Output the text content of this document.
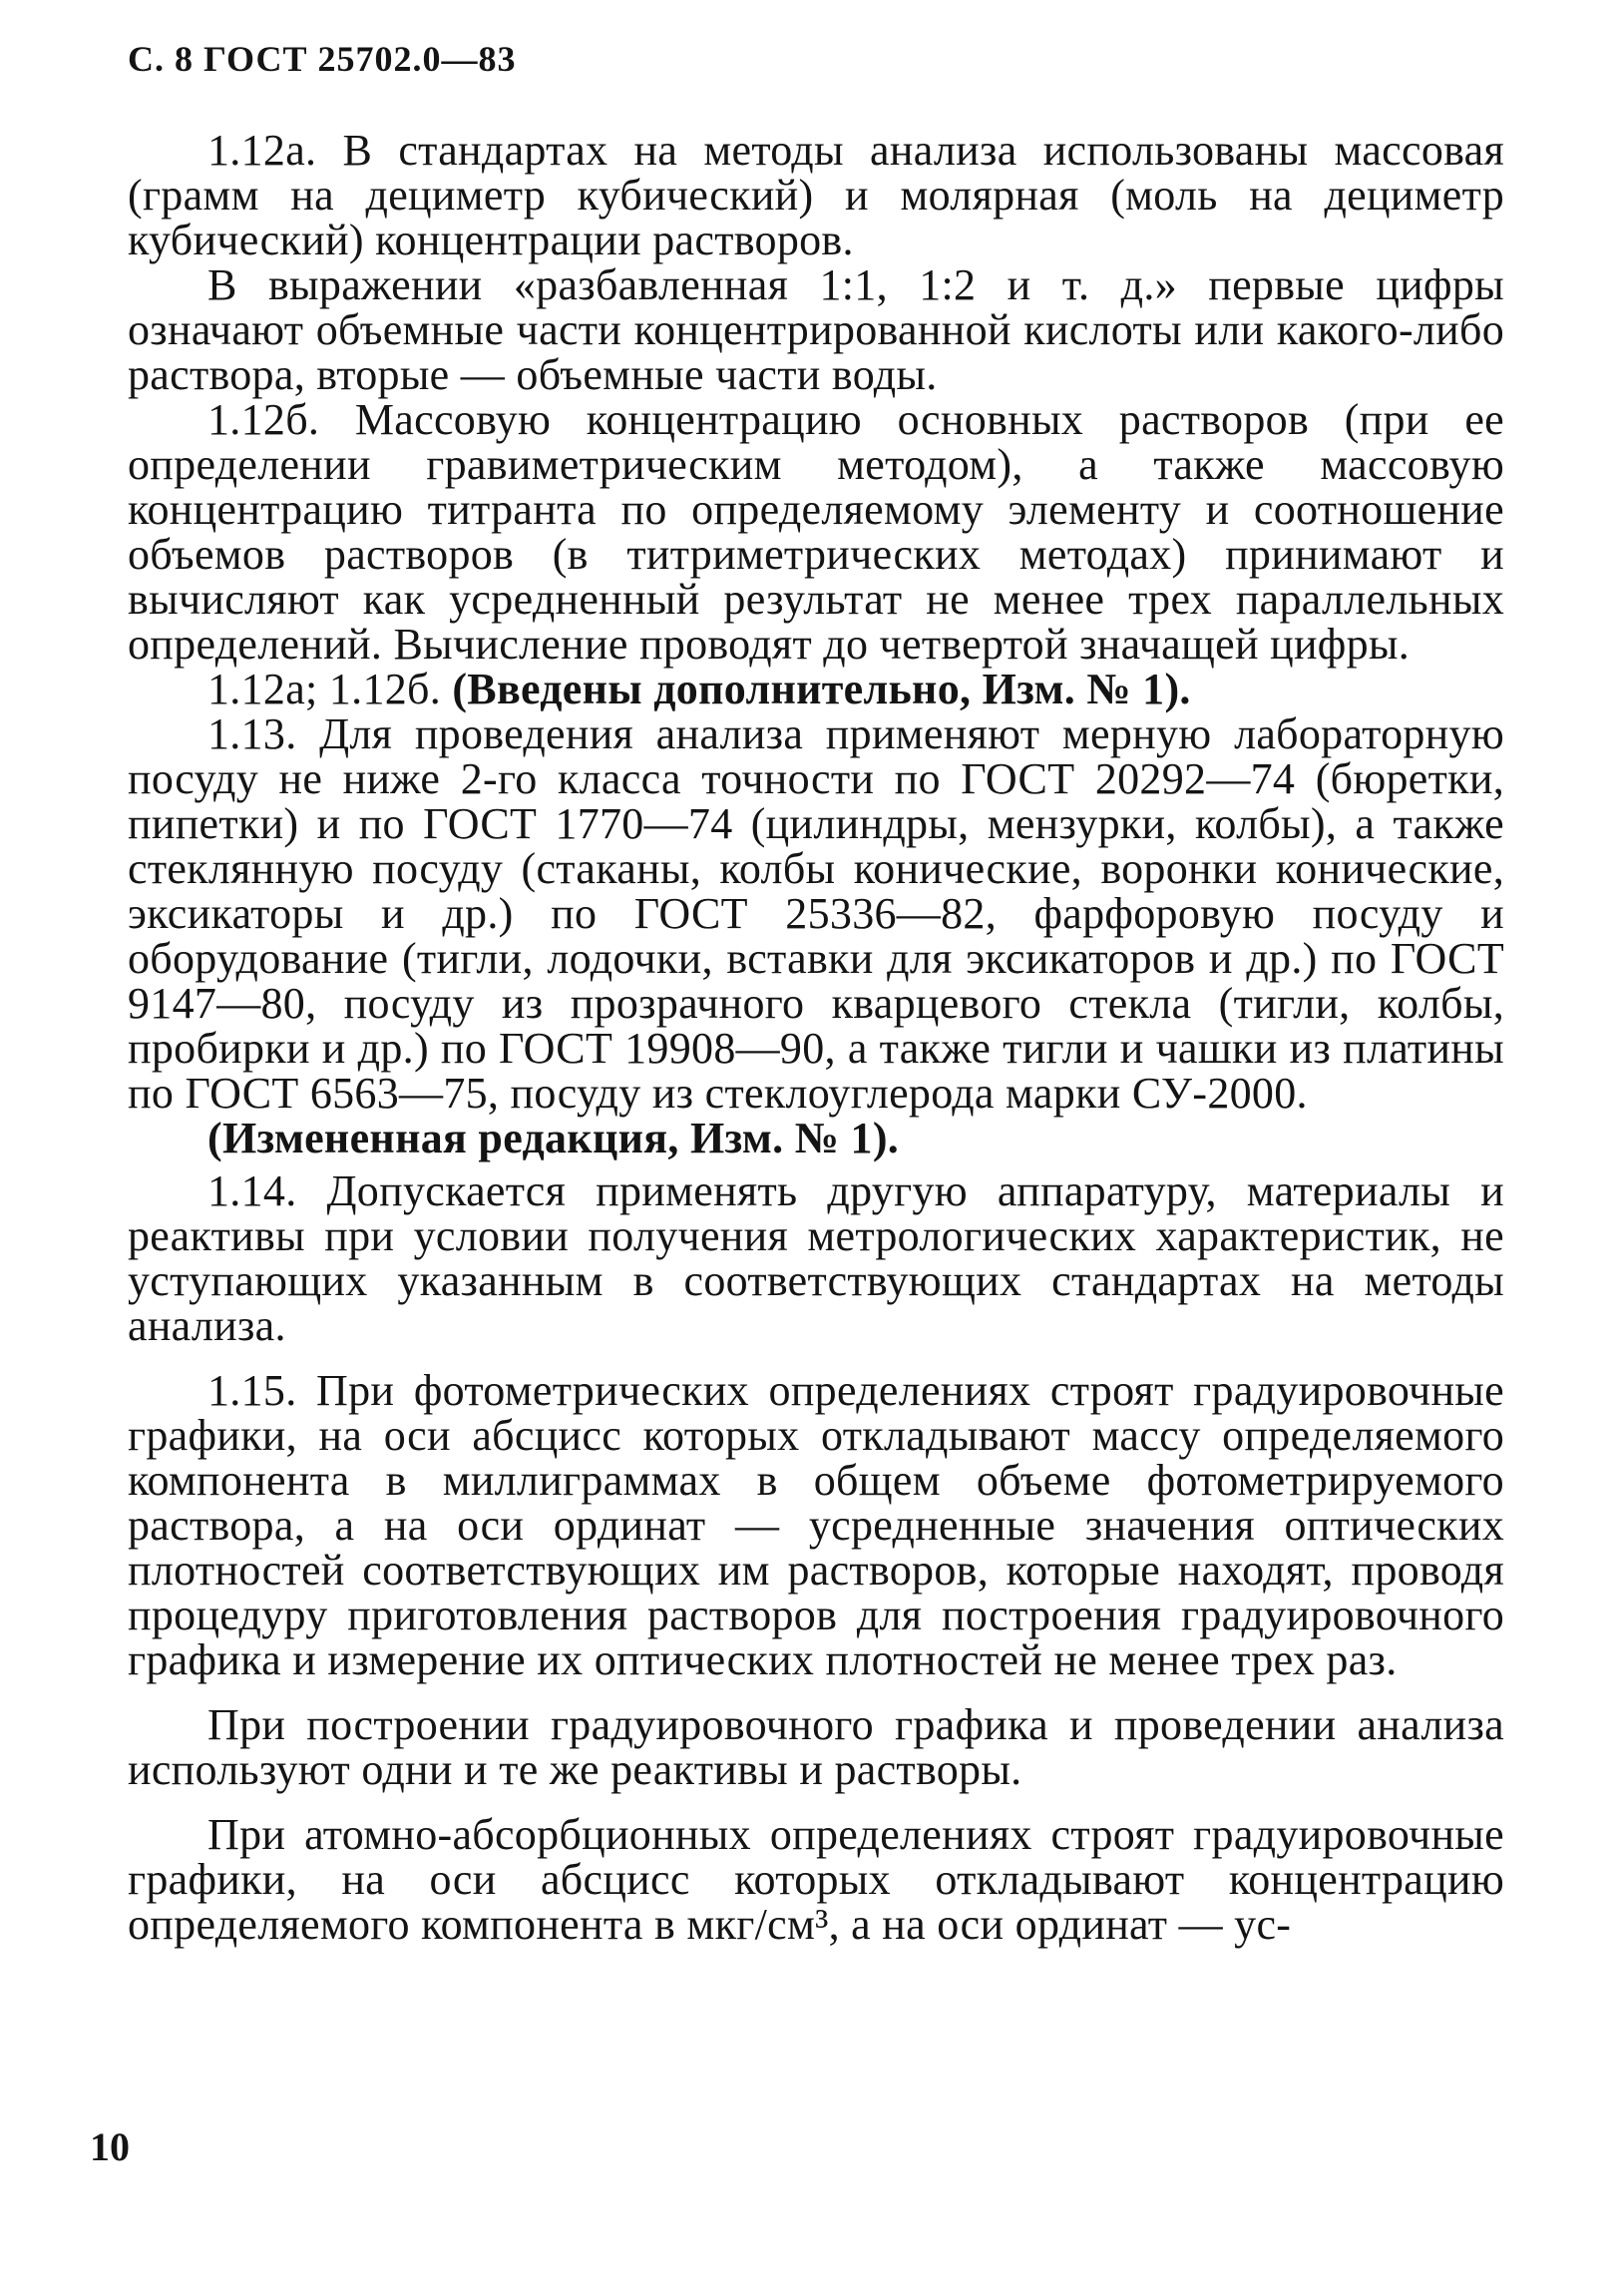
С. 8 ГОСТ 25702.0—83

1.12а. В стандартах на методы анализа использованы массовая (грамм на дециметр кубический) и молярная (моль на дециметр кубический) концентрации растворов.

В выражении «разбавленная 1:1, 1:2 и т. д.» первые цифры означают объемные части концентрированной кислоты или какого-либо раствора, вторые — объемные части воды.

1.12б. Массовую концентрацию основных растворов (при ее определении гравиметрическим методом), а также массовую концентрацию титранта по определяемому элементу и соотношение объемов растворов (в титриметрических методах) принимают и вычисляют как усредненный результат не менее трех параллельных определений. Вычисление проводят до четвертой значащей цифры.

1.12а; 1.12б. (Введены дополнительно, Изм. № 1).

1.13. Для проведения анализа применяют мерную лабораторную посуду не ниже 2-го класса точности по ГОСТ 20292—74 (бюретки, пипетки) и по ГОСТ 1770—74 (цилиндры, мензурки, колбы), а также стеклянную посуду (стаканы, колбы конические, воронки конические, эксикаторы и др.) по ГОСТ 25336—82, фарфоровую посуду и оборудование (тигли, лодочки, вставки для эксикаторов и др.) по ГОСТ 9147—80, посуду из прозрачного кварцевого стекла (тигли, колбы, пробирки и др.) по ГОСТ 19908—90, а также тигли и чашки из платины по ГОСТ 6563—75, посуду из стеклоуглерода марки СУ-2000.

(Измененная редакция, Изм. № 1).

1.14. Допускается применять другую аппаратуру, материалы и реактивы при условии получения метрологических характеристик, не уступающих указанным в соответствующих стандартах на методы анализа.

1.15. При фотометрических определениях строят градуировочные графики, на оси абсцисс которых откладывают массу определяемого компонента в миллиграммах в общем объеме фотометрируемого раствора, а на оси ординат — усредненные значения оптических плотностей соответствующих им растворов, которые находят, проводя процедуру приготовления растворов для построения градуировочного графика и измерение их оптических плотностей не менее трех раз.

При построении градуировочного графика и проведении анализа используют одни и те же реактивы и растворы.

При атомно-абсорбционных определениях строят градуировочные графики, на оси абсцисс которых откладывают концентрацию определяемого компонента в мкг/см³, а на оси ординат — ус-

10
